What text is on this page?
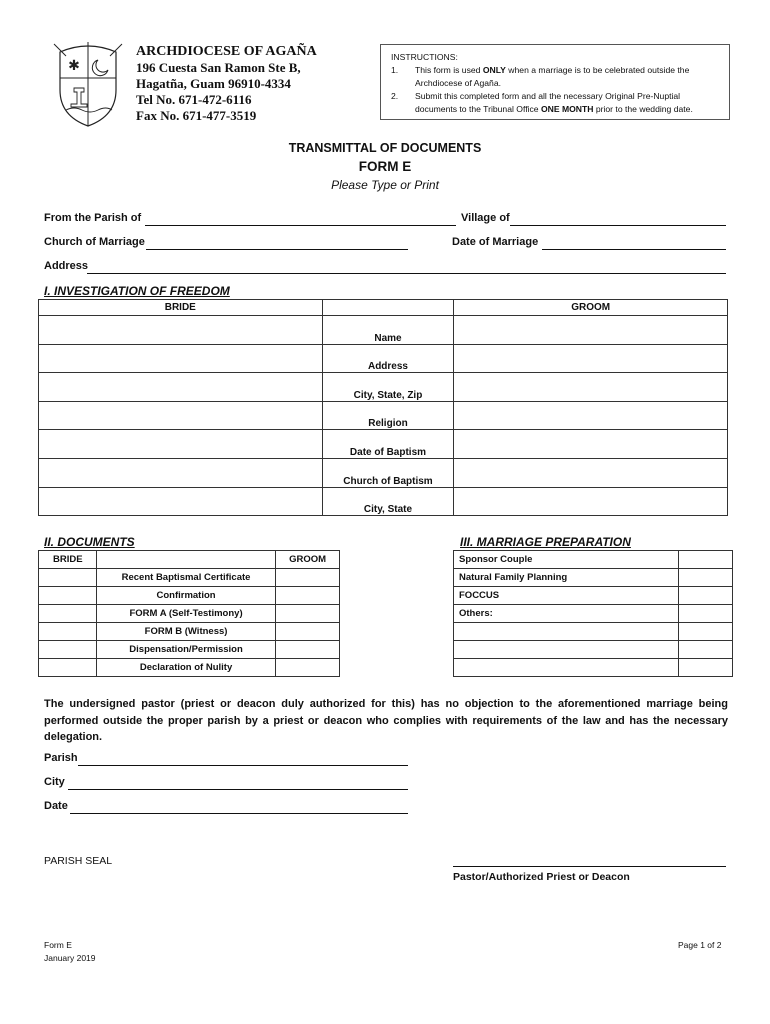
✱
ARCHDIOCESE OF AGAÑA
196 Cuesta San Ramon Ste B,
Hagatña, Guam 96910-4334
Tel No. 671-472-6116
Fax No. 671-477-3519
INSTRUCTIONS:
1.	This form is used ONLY when a marriage is to be celebrated outside the Archdiocese of Agaña.
2.	Submit this completed form and all the necessary Original Pre-Nuptial documents to the Tribunal Office ONE MONTH prior to the wedding date.
TRANSMITTAL OF DOCUMENTS
FORM E
Please Type or Print
From the Parish of	Village of
Church of Marriage	Date of Marriage
Address
I. INVESTIGATION OF FREEDOM
BRIDE		GROOM
	Name	
	Address	
	City, State, Zip	
	Religion	
	Date of Baptism	
	Church of Baptism	
	City, State	
II. DOCUMENTS
BRIDE		GROOM
	Recent Baptismal Certificate	
	Confirmation	
	FORM A (Self-Testimony)	
	FORM B (Witness)	
	Dispensation/Permission	
	Declaration of Nulity	
III. MARRIAGE PREPARATION
Sponsor Couple	
Natural Family Planning	
FOCCUS	
Others:	

The undersigned pastor (priest or deacon duly authorized for this) has no objection to the aforementioned marriage being performed outside the proper parish by a priest or deacon who complies with requirements of the law and has the necessary delegation.
Parish
City
Date
PARISH SEAL
Pastor/Authorized Priest or Deacon
Form E
January 2019
Page 1 of 2
